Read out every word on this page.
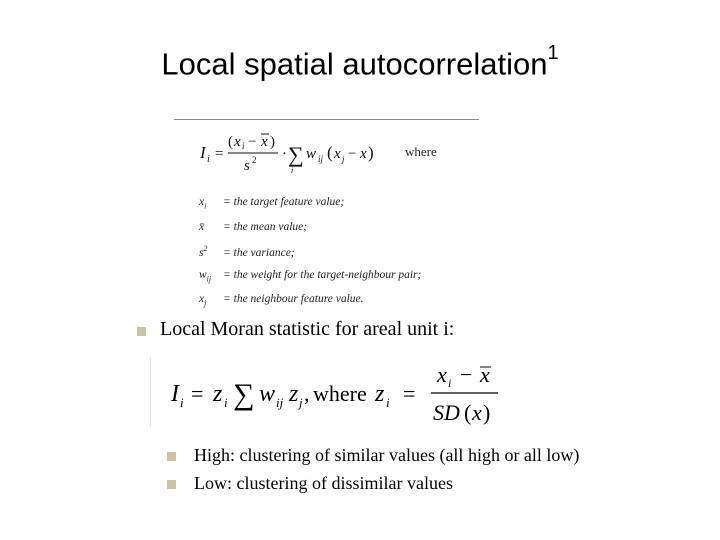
Local spatial autocorrelation$^1$
I i =
( x i − x )
s 2 · ∑
i
w ij ( x j − x ) where
$x_i$ = the target feature value;
x̄ = the mean value;
$s^2$ = the variance;
$w_{ij}$ = the weight for the target-neighbour pair;
$x_j$ = the neighbour feature value.
Local Moran statistic for areal unit i:
I i = z i ∑ w ij z j , where z i =
x i − x
SD ( x )
High: clustering of similar values (all high or all low)
Low: clustering of dissimilar values
